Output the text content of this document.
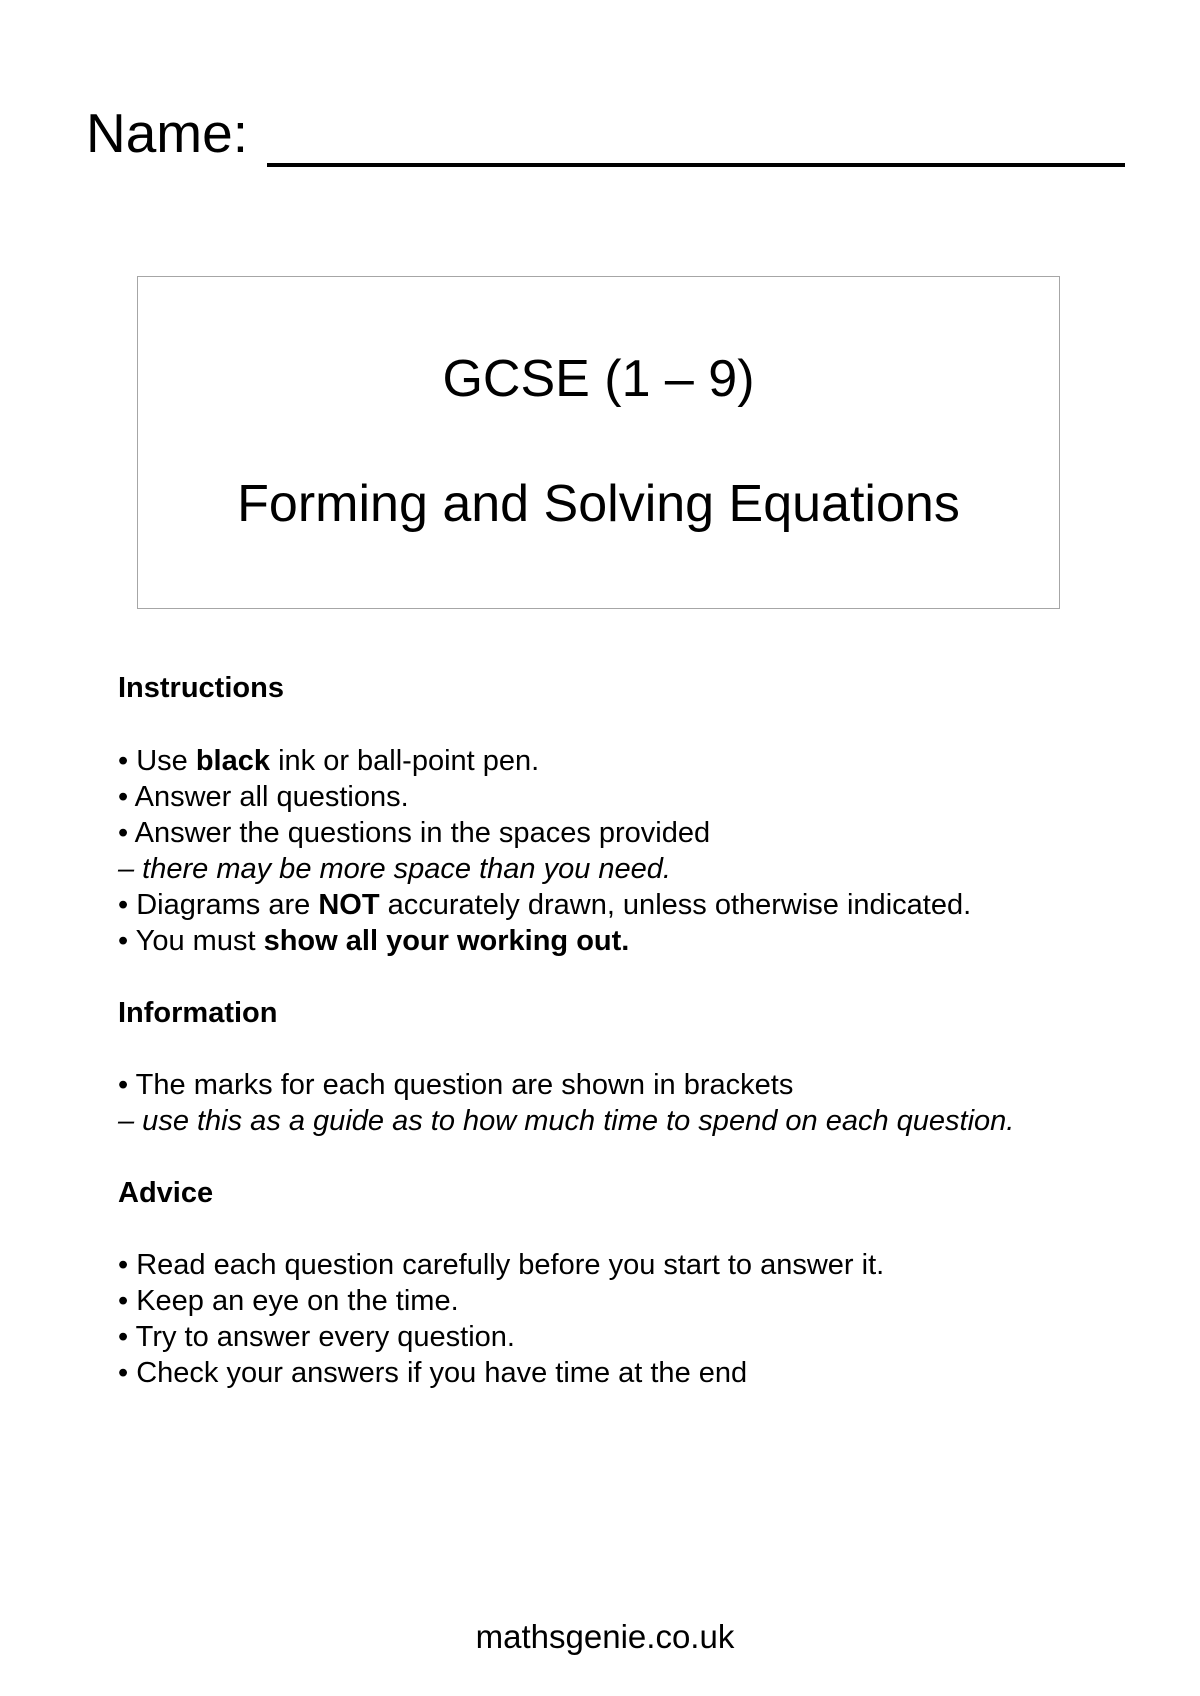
Name:
GCSE (1 – 9)
Forming and Solving Equations
Instructions
• Use black ink or ball-point pen.
• Answer all questions.
• Answer the questions in the spaces provided
– there may be more space than you need.
• Diagrams are NOT accurately drawn, unless otherwise indicated.
• You must show all your working out.
Information
• The marks for each question are shown in brackets
– use this as a guide as to how much time to spend on each question.
Advice
• Read each question carefully before you start to answer it.
• Keep an eye on the time.
• Try to answer every question.
• Check your answers if you have time at the end
mathsgenie.co.uk
